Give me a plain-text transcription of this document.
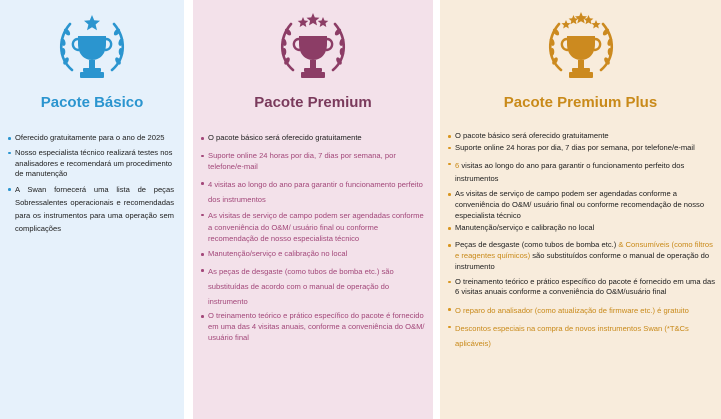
Pacote Básico
Oferecido gratuitamente para o ano de 2025
Nosso especialista técnico realizará testes nos analisadores e recomendará um procedimento de manutenção
A Swan fornecerá uma lista de peças Sobressalentes operacionais e recomendadas para os instrumentos para uma operação sem complicações
Pacote Premium
O pacote básico será oferecido gratuitamente
Suporte online 24 horas por dia, 7 dias por semana, por telefone/e-mail
4 visitas ao longo do ano para garantir o funcionamento perfeito dos instrumentos
As visitas de serviço de campo podem ser agendadas conforme a conveniência do O&M/ usuário final ou conforme recomendação de nosso especialista técnico
Manutenção/serviço e calibração no local
As peças de desgaste (como tubos de bomba etc.) são substituídas de acordo com o manual de operação do instrumento
O treinamento teórico e prático específico do pacote é fornecido em uma das 4 visitas anuais, conforme a conveniência do O&M/ usuário final
Pacote Premium Plus
O pacote básico será oferecido gratuitamente
Suporte online 24 horas por dia, 7 dias por semana, por telefone/e-mail
6 visitas ao longo do ano para garantir o funcionamento perfeito dos instrumentos
As visitas de serviço de campo podem ser agendadas conforme a conveniência do O&M/ usuário final ou conforme recomendação de nosso especialista técnico
Manutenção/serviço e calibração no local
Peças de desgaste (como tubos de bomba etc.) & Consumíveis (como filtros e reagentes químicos) são substituídos conforme o manual de operação do instrumento
O treinamento teórico e prático específico do pacote é fornecido em uma das 6 visitas anuais conforme a conveniência do O&M/usuário final
O reparo do analisador (como atualização de firmware etc.) é gratuito
Descontos especiais na compra de novos instrumentos Swan (*T&Cs aplicáveis)
